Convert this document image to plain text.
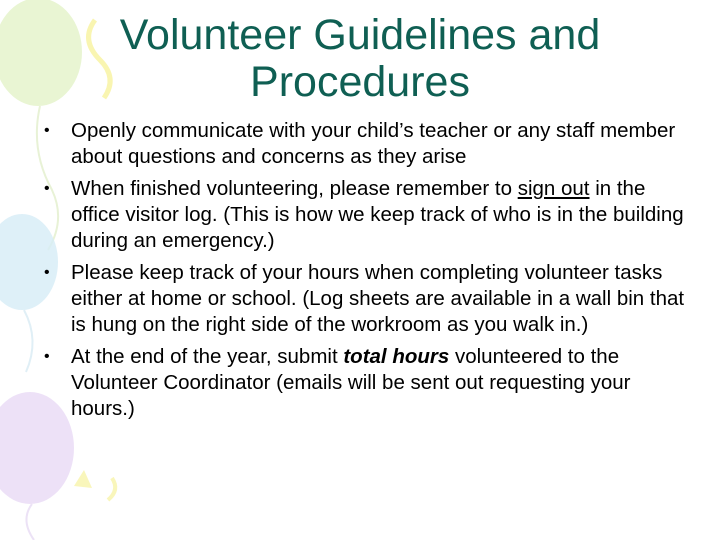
Volunteer Guidelines and
Procedures
• Openly communicate with your child’s teacher or any staff member about questions and concerns as they arise
• When finished volunteering, please remember to sign out in the office visitor log. (This is how we keep track of who is in the building during an emergency.)
• Please keep track of your hours when completing volunteer tasks either at home or school. (Log sheets are available in a wall bin that is hung on the right side of the workroom as you walk in.)
• At the end of the year, submit total hours volunteered to the Volunteer Coordinator (emails will be sent out requesting your hours.)
